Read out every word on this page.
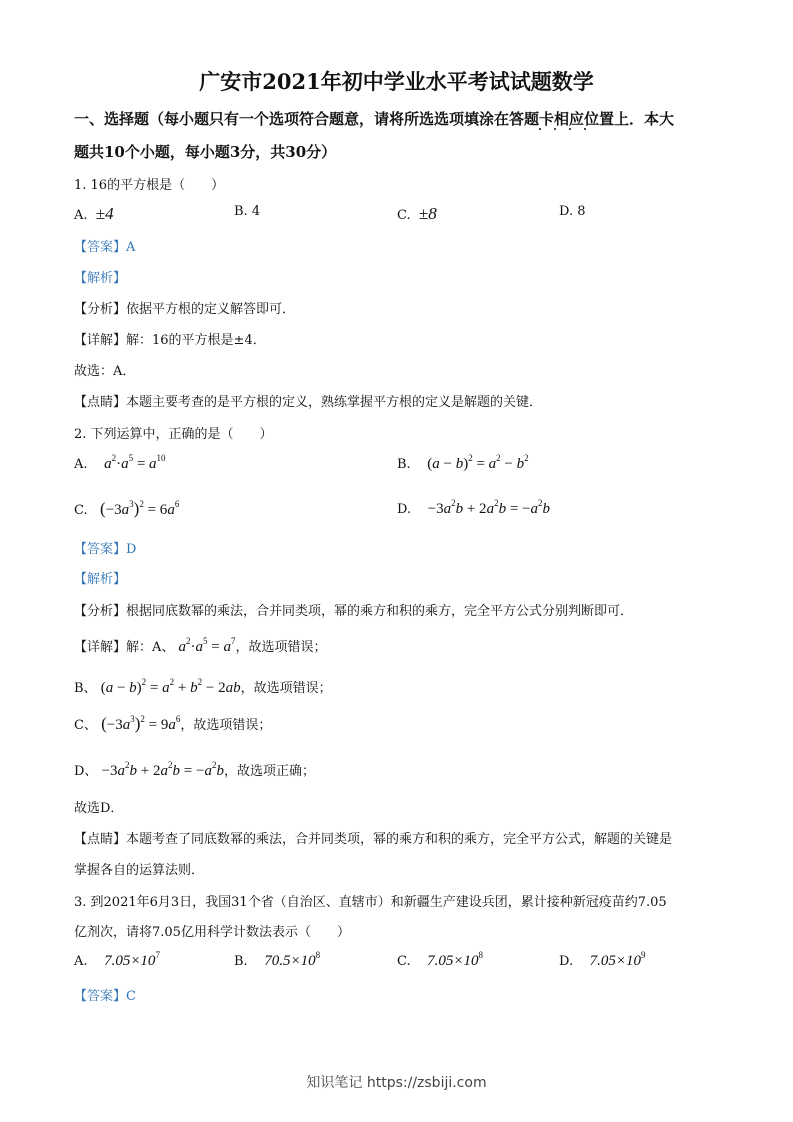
广安市2021年初中学业水平考试试题数学
一、选择题（每小题只有一个选项符合题意，请将所选选项填涂在答题卡相应位置上．本大
题共10个小题，每小题3分，共30分）
1. 16的平方根是（　　）
A. ±4	B. 4	C. ±8	D. 8
【答案】A
【解析】
【分析】依据平方根的定义解答即可．
【详解】解：16的平方根是±4．
故选：A．
【点睛】本题主要考查的是平方根的定义，熟练掌握平方根的定义是解题的关键．
2. 下列运算中，正确的是（　　）
A. $a^2\cdot a^5 = a^{10}$	B. $(a - b)^2 = a^2 - b^2$
C. $(-3a^3)^2 = 6a^6$	D. $-3a^2b + 2a^2b = -a^2b$
【答案】D
【解析】
【分析】根据同底数幂的乘法，合并同类项，幂的乘方和积的乘方，完全平方公式分别判断即可．
【详解】解：A、 $a^2\cdot a^5 = a^7$，故选项错误；
B、 $(a - b)^2 = a^2 + b^2 - 2ab$，故选项错误；
C、 $(-3a^3)^2 = 9a^6$，故选项错误；
D、 $-3a^2b + 2a^2b = -a^2b$，故选项正确；
故选D．
【点睛】本题考查了同底数幂的乘法，合并同类项，幂的乘方和积的乘方，完全平方公式，解题的关键是
掌握各自的运算法则．
3. 到2021年6月3日，我国31个省（自治区、直辖市）和新疆生产建设兵团，累计接种新冠疫苗约7.05
亿剂次，请将7.05亿用科学计数法表示（　　）
A. $7.05\times 10^7$	B. $70.5\times 10^8$	C. $7.05\times 10^8$	D. $7.05\times 10^9$
【答案】C
知识笔记 https://zsbiji.com
